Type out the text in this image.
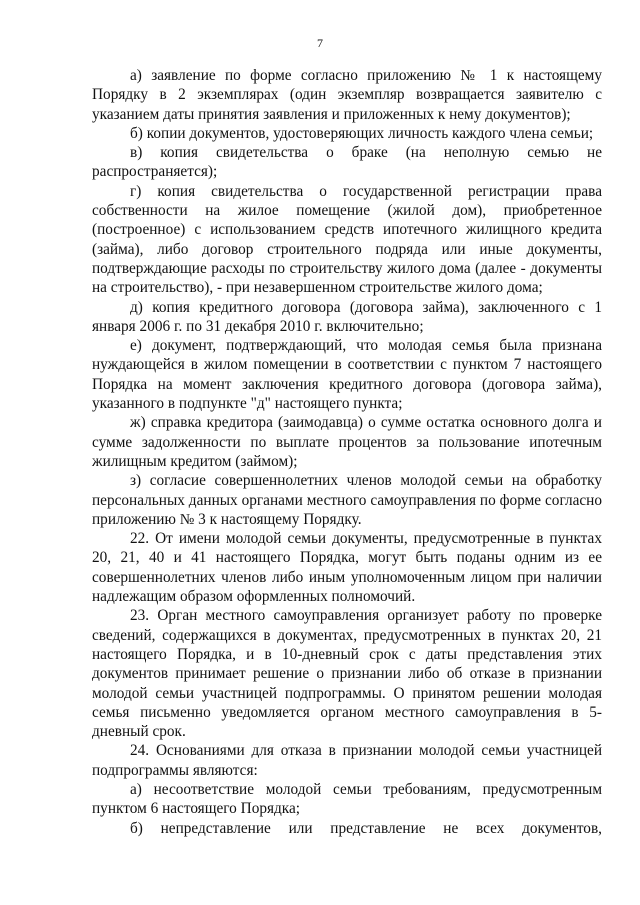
7

а) заявление по форме согласно приложению № 1 к настоящему Порядку в 2 экземплярах (один экземпляр возвращается заявителю с указанием даты принятия заявления и приложенных к нему документов);

б) копии документов, удостоверяющих личность каждого члена семьи;

в) копия свидетельства о браке (на неполную семью не распространяется);

г) копия свидетельства о государственной регистрации права собственности на жилое помещение (жилой дом), приобретенное (построенное) с использованием средств ипотечного жилищного кредита (займа), либо договор строительного подряда или иные документы, подтверждающие расходы по строительству жилого дома (далее - документы на строительство), - при незавершенном строительстве жилого дома;

д) копия кредитного договора (договора займа), заключенного с 1 января 2006 г. по 31 декабря 2010 г. включительно;

е) документ, подтверждающий, что молодая семья была признана нуждающейся в жилом помещении в соответствии с пунктом 7 настоящего Порядка на момент заключения кредитного договора (договора займа), указанного в подпункте "д" настоящего пункта;

ж) справка кредитора (заимодавца) о сумме остатка основного долга и сумме задолженности по выплате процентов за пользование ипотечным жилищным кредитом (займом);

з) согласие совершеннолетних членов молодой семьи на обработку персональных данных органами местного самоуправления по форме согласно приложению № 3 к настоящему Порядку.

22. От имени молодой семьи документы, предусмотренные в пунктах 20, 21, 40 и 41 настоящего Порядка, могут быть поданы одним из ее совершеннолетних членов либо иным уполномоченным лицом при наличии надлежащим образом оформленных полномочий.

23. Орган местного самоуправления организует работу по проверке сведений, содержащихся в документах, предусмотренных в пунктах 20, 21 настоящего Порядка, и в 10-дневный срок с даты представления этих документов принимает решение о признании либо об отказе в признании молодой семьи участницей подпрограммы. О принятом решении молодая семья письменно уведомляется органом местного самоуправления в 5-дневный срок.

24. Основаниями для отказа в признании молодой семьи участницей подпрограммы являются:

а) несоответствие молодой семьи требованиям, предусмотренным пунктом 6 настоящего Порядка;

б) непредставление или представление не всех документов,
